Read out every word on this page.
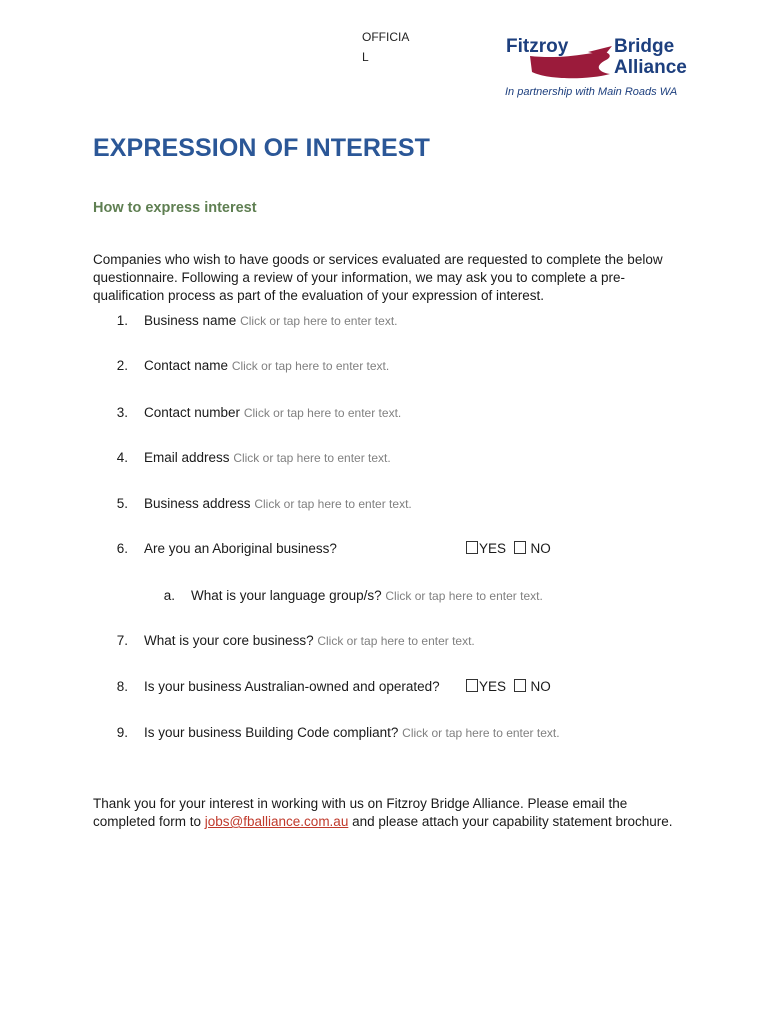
OFFICIAL	Fitzroy Bridge
Alliance
In partnership with Main Roads WA
EXPRESSION OF INTEREST
How to express interest

Companies who wish to have goods or services evaluated are requested to complete the below questionnaire. Following a review of your information, we may ask you to complete a pre-qualification process as part of the evaluation of your expression of interest.

1. Business name Click or tap here to enter text.
2. Contact name Click or tap here to enter text.
3. Contact number Click or tap here to enter text.
4. Email address Click or tap here to enter text.
5. Business address Click or tap here to enter text.
6. Are you an Aboriginal business?	YES NO
a. What is your language group/s? Click or tap here to enter text.
7. What is your core business? Click or tap here to enter text.
8. Is your business Australian-owned and operated?	YES NO
9. Is your business Building Code compliant? Click or tap here to enter text.

Thank you for your interest in working with us on Fitzroy Bridge Alliance. Please email the completed form to jobs@fballiance.com.au and please attach your capability statement brochure.
